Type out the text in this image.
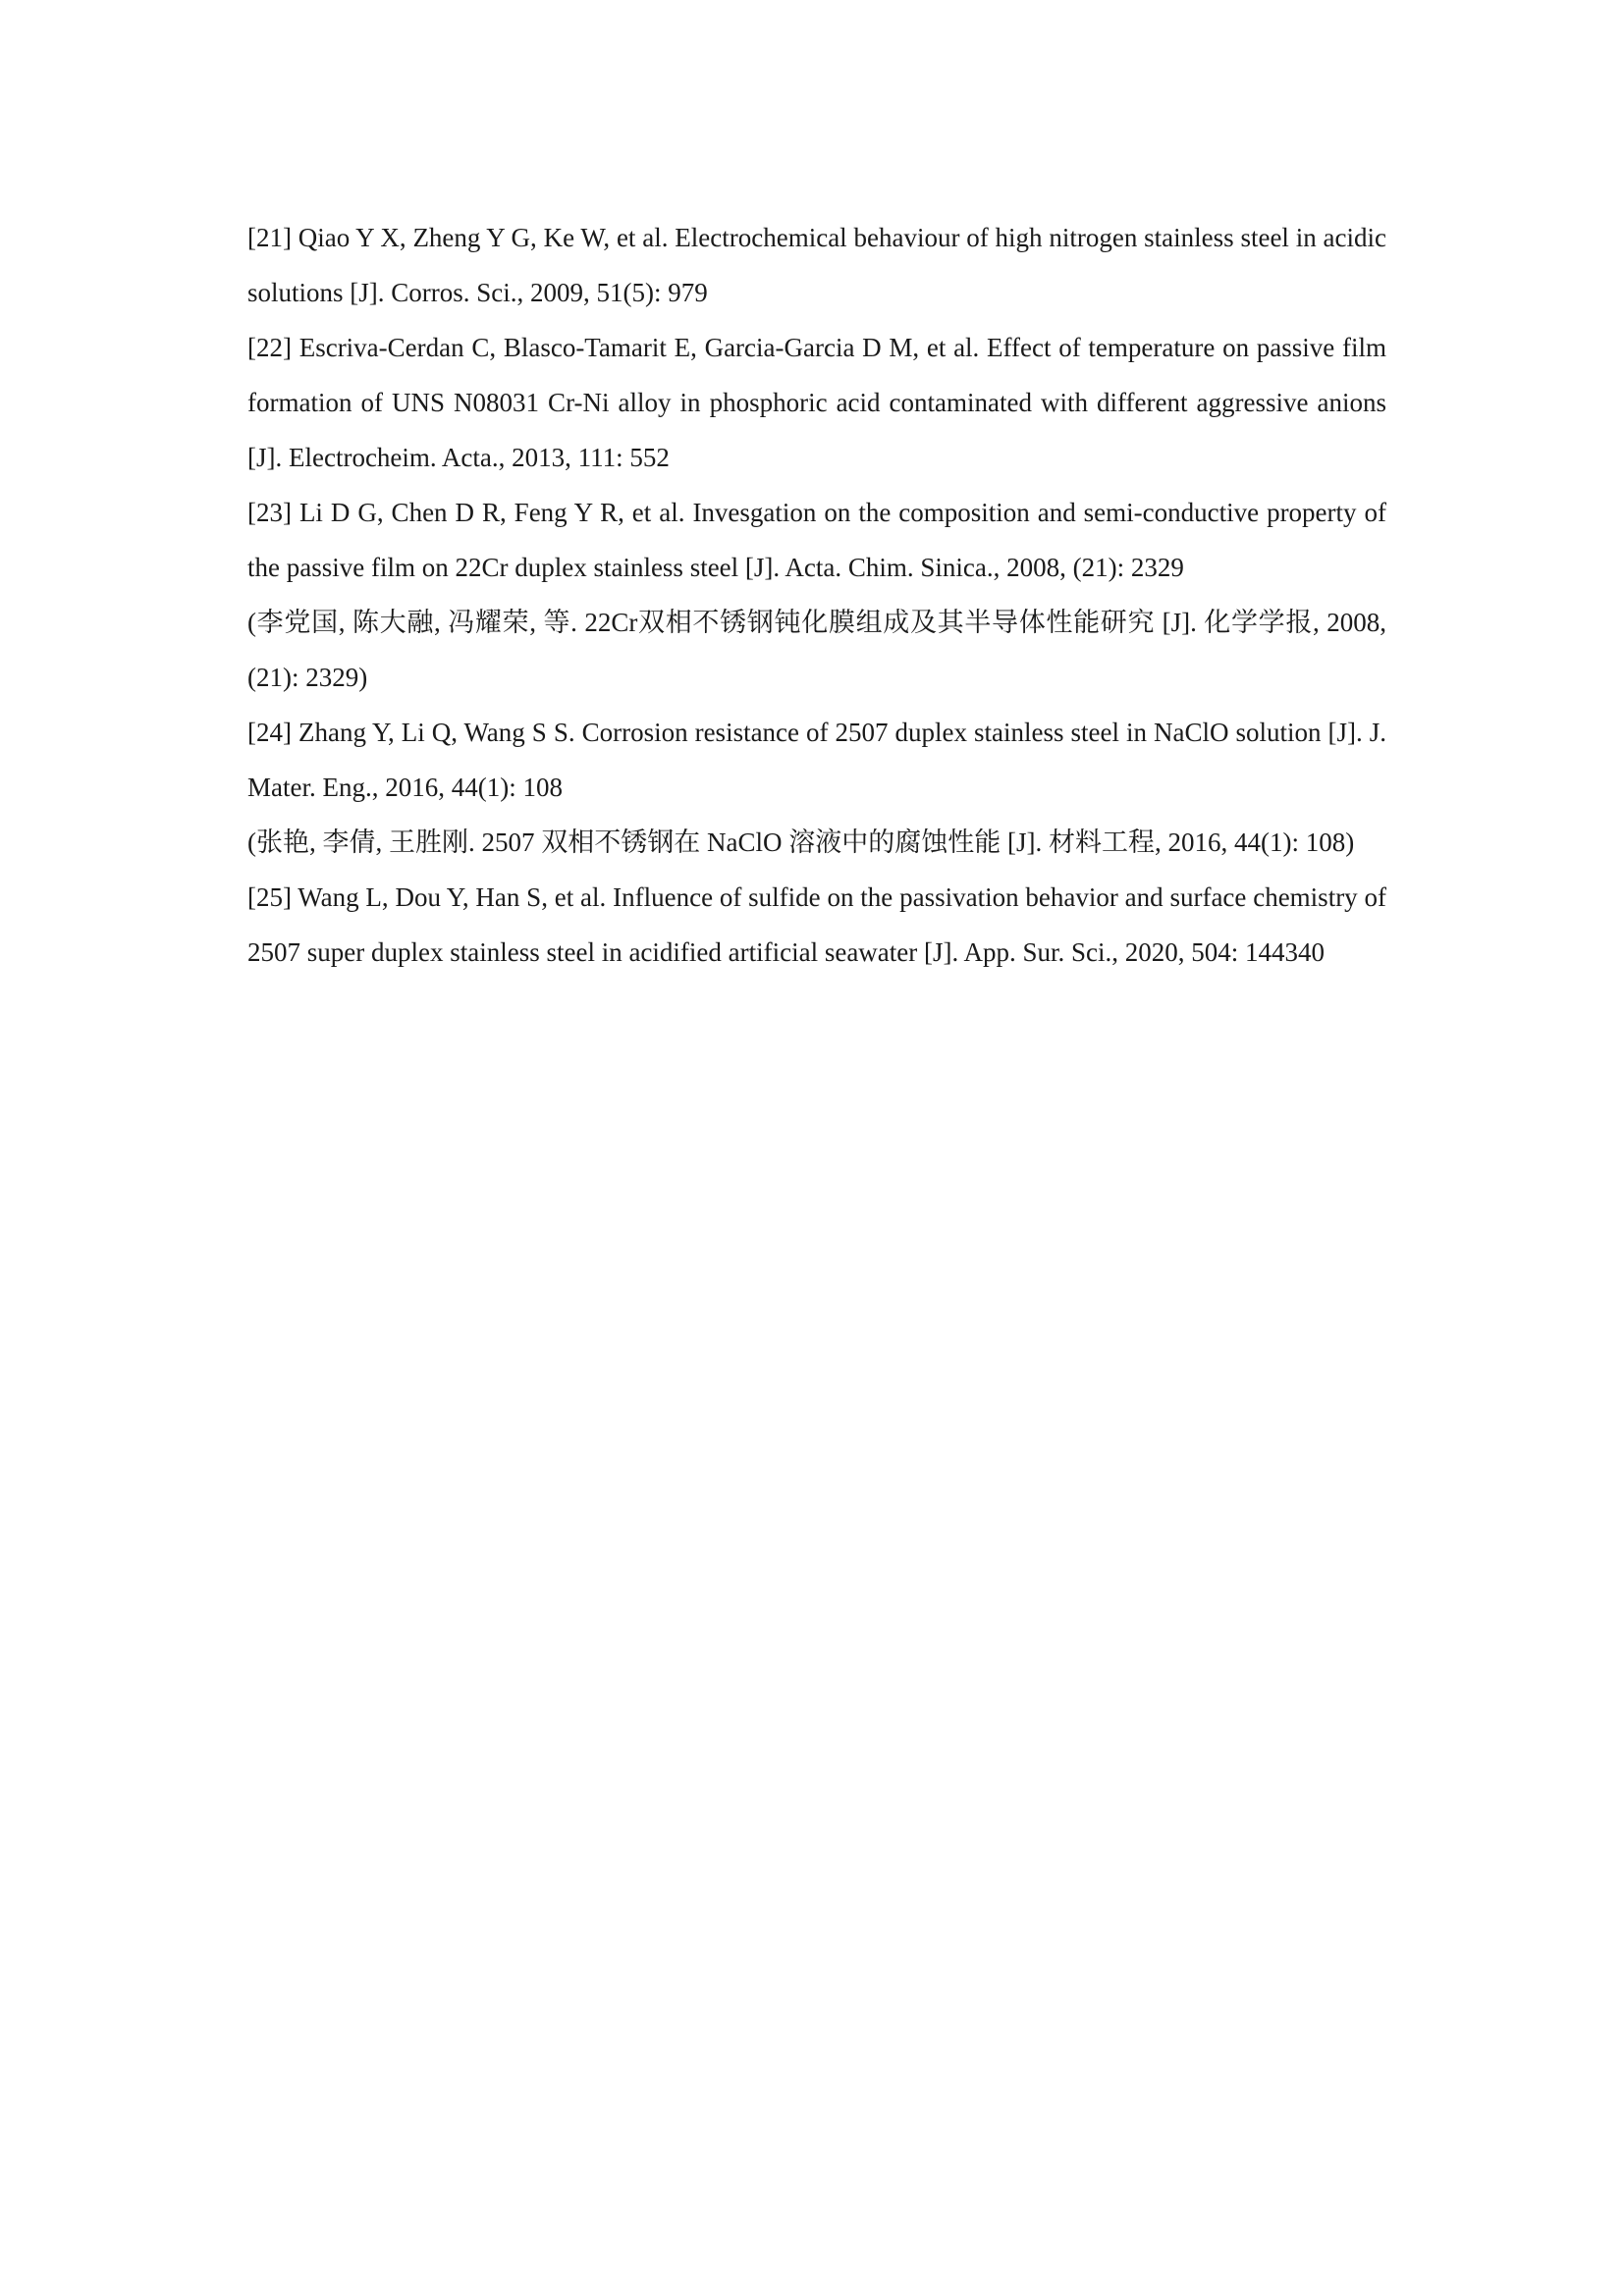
[21] Qiao Y X, Zheng Y G, Ke W, et al. Electrochemical behaviour of high nitrogen stainless steel in acidic solutions [J]. Corros. Sci., 2009, 51(5): 979

[22] Escriva-Cerdan C, Blasco-Tamarit E, Garcia-Garcia D M, et al. Effect of temperature on passive film formation of UNS N08031 Cr-Ni alloy in phosphoric acid contaminated with different aggressive anions [J]. Electrocheim. Acta., 2013, 111: 552

[23] Li D G, Chen D R, Feng Y R, et al. Invesgation on the composition and semi-conductive property of the passive film on 22Cr duplex stainless steel [J]. Acta. Chim. Sinica., 2008, (21): 2329

(李党国, 陈大融, 冯耀荣, 等. 22Cr双相不锈钢钝化膜组成及其半导体性能研究 [J]. 化学学报, 2008, (21): 2329)

[24] Zhang Y, Li Q, Wang S S. Corrosion resistance of 2507 duplex stainless steel in NaClO solution [J]. J. Mater. Eng., 2016, 44(1): 108

(张艳, 李倩, 王胜刚. 2507 双相不锈钢在 NaClO 溶液中的腐蚀性能 [J]. 材料工程, 2016, 44(1): 108)

[25] Wang L, Dou Y, Han S, et al. Influence of sulfide on the passivation behavior and surface chemistry of 2507 super duplex stainless steel in acidified artificial seawater [J]. App. Sur. Sci., 2020, 504: 144340
